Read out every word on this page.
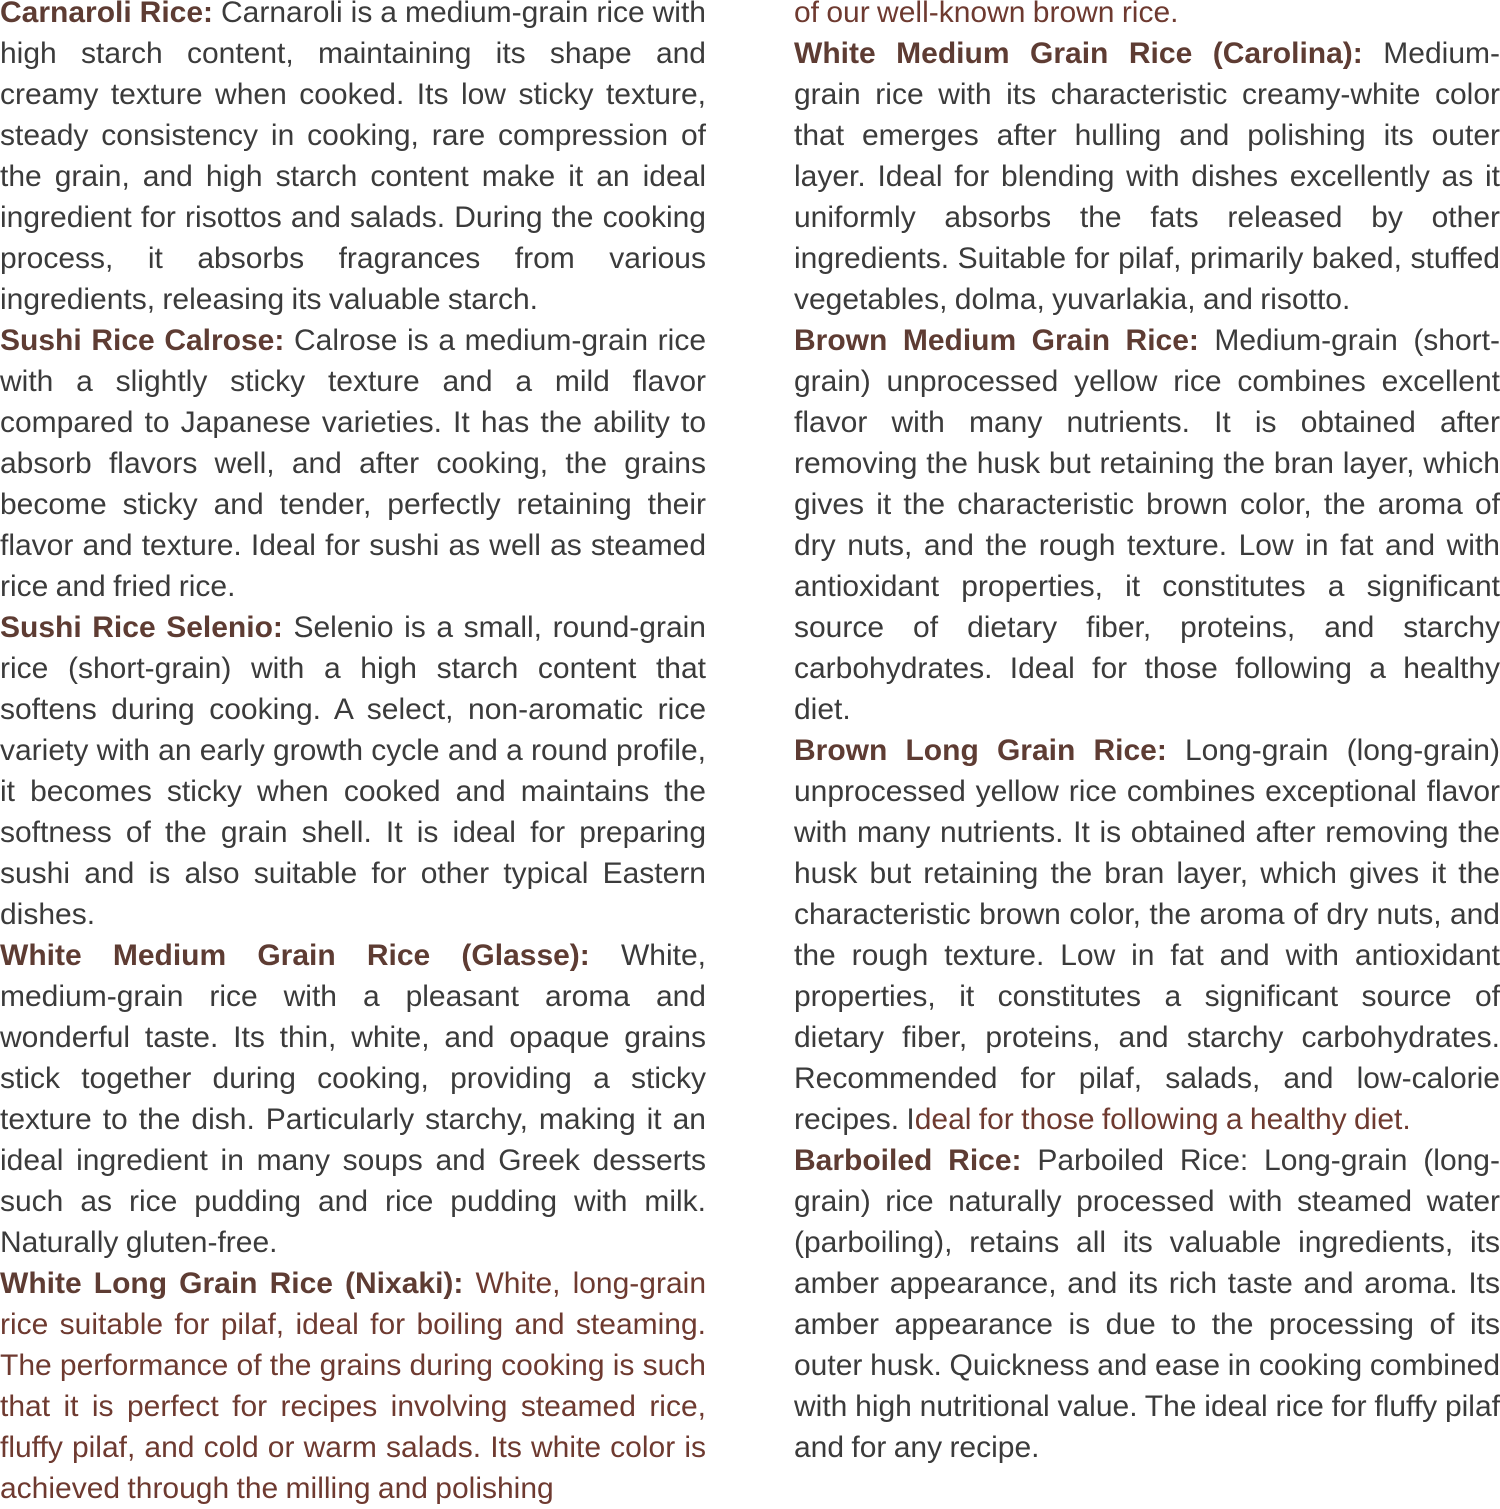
Carnaroli Rice: Carnaroli is a medium-grain rice with high starch content, maintaining its shape and creamy texture when cooked. Its low sticky texture, steady consistency in cooking, rare compression of the grain, and high starch content make it an ideal ingredient for risottos and salads. During the cooking process, it absorbs fragrances from various ingredients, releasing its valuable starch.

Sushi Rice Calrose: Calrose is a medium-grain rice with a slightly sticky texture and a mild flavor compared to Japanese varieties. It has the ability to absorb flavors well, and after cooking, the grains become sticky and tender, perfectly retaining their flavor and texture. Ideal for sushi as well as steamed rice and fried rice.

Sushi Rice Selenio: Selenio is a small, round-grain rice (short-grain) with a high starch content that softens during cooking. A select, non-aromatic rice variety with an early growth cycle and a round profile, it becomes sticky when cooked and maintains the softness of the grain shell. It is ideal for preparing sushi and is also suitable for other typical Eastern dishes.

White Medium Grain Rice (Glasse): White, medium-grain rice with a pleasant aroma and wonderful taste. Its thin, white, and opaque grains stick together during cooking, providing a sticky texture to the dish. Particularly starchy, making it an ideal ingredient in many soups and Greek desserts such as rice pudding and rice pudding with milk. Naturally gluten-free.

White Long Grain Rice (Nixaki): White, long-grain rice suitable for pilaf, ideal for boiling and steaming. The performance of the grains during cooking is such that it is perfect for recipes involving steamed rice, fluffy pilaf, and cold or warm salads. Its white color is achieved through the milling and polishing

of our well-known brown rice.

White Medium Grain Rice (Carolina): Medium-grain rice with its characteristic creamy-white color that emerges after hulling and polishing its outer layer. Ideal for blending with dishes excellently as it uniformly absorbs the fats released by other ingredients. Suitable for pilaf, primarily baked, stuffed vegetables, dolma, yuvarlakia, and risotto.

Brown Medium Grain Rice: Medium-grain (short-grain) unprocessed yellow rice combines excellent flavor with many nutrients. It is obtained after removing the husk but retaining the bran layer, which gives it the characteristic brown color, the aroma of dry nuts, and the rough texture. Low in fat and with antioxidant properties, it constitutes a significant source of dietary fiber, proteins, and starchy carbohydrates. Ideal for those following a healthy diet.

Brown Long Grain Rice: Long-grain (long-grain) unprocessed yellow rice combines exceptional flavor with many nutrients. It is obtained after removing the husk but retaining the bran layer, which gives it the characteristic brown color, the aroma of dry nuts, and the rough texture. Low in fat and with antioxidant properties, it constitutes a significant source of dietary fiber, proteins, and starchy carbohydrates. Recommended for pilaf, salads, and low-calorie recipes. Ideal for those following a healthy diet.

Barboiled Rice: Parboiled Rice: Long-grain (long-grain) rice naturally processed with steamed water (parboiling), retains all its valuable ingredients, its amber appearance, and its rich taste and aroma. Its amber appearance is due to the processing of its outer husk. Quickness and ease in cooking combined with high nutritional value. The ideal rice for fluffy pilaf and for any recipe.
